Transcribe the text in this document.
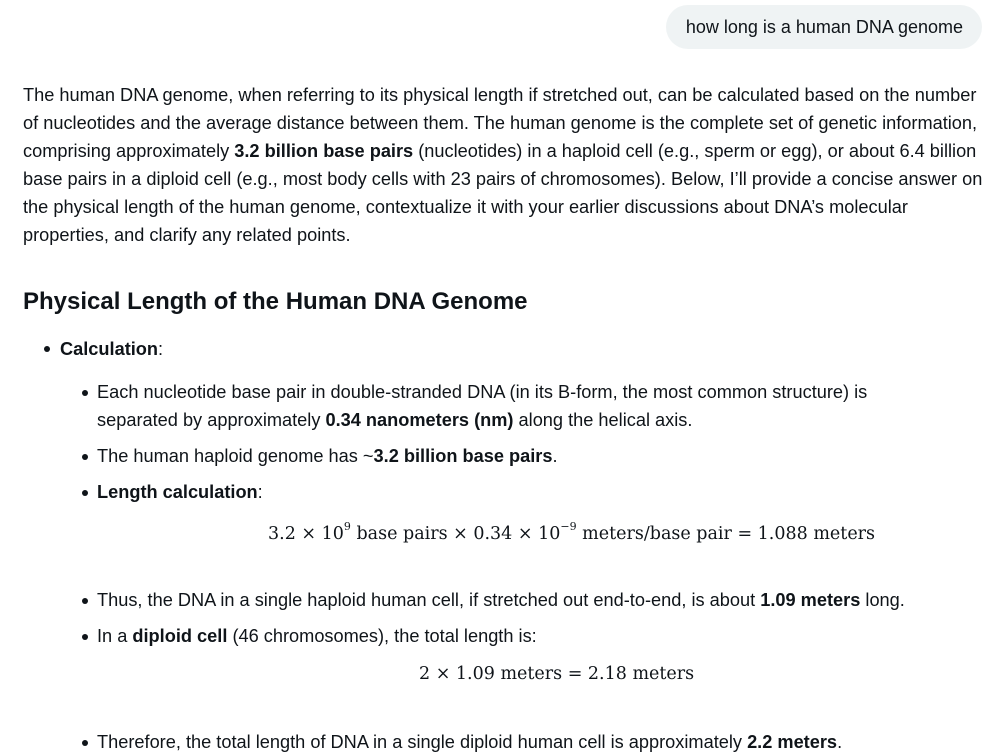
how long is a human DNA genome

The human DNA genome, when referring to its physical length if stretched out, can be calculated based on the number of nucleotides and the average distance between them. The human genome is the complete set of genetic information, comprising approximately 3.2 billion base pairs (nucleotides) in a haploid cell (e.g., sperm or egg), or about 6.4 billion base pairs in a diploid cell (e.g., most body cells with 23 pairs of chromosomes). Below, I’ll provide a concise answer on the physical length of the human genome, contextualize it with your earlier discussions about DNA’s molecular properties, and clarify any related points.

Physical Length of the Human DNA Genome
Calculation:
Each nucleotide base pair in double-stranded DNA (in its B-form, the most common structure) is
separated by approximately 0.34 nanometers (nm) along the helical axis.
The human haploid genome has ~3.2 billion base pairs.
Length calculation:
$3.2 \times 10^9$ base pairs × $0.34 \times 10^{-9}$ meters/base pair = 1.088 meters
Thus, the DNA in a single haploid human cell, if stretched out end-to-end, is about 1.09 meters long.
In a diploid cell (46 chromosomes), the total length is:
2 × 1.09 meters = 2.18 meters
Therefore, the total length of DNA in a single diploid human cell is approximately 2.2 meters.
